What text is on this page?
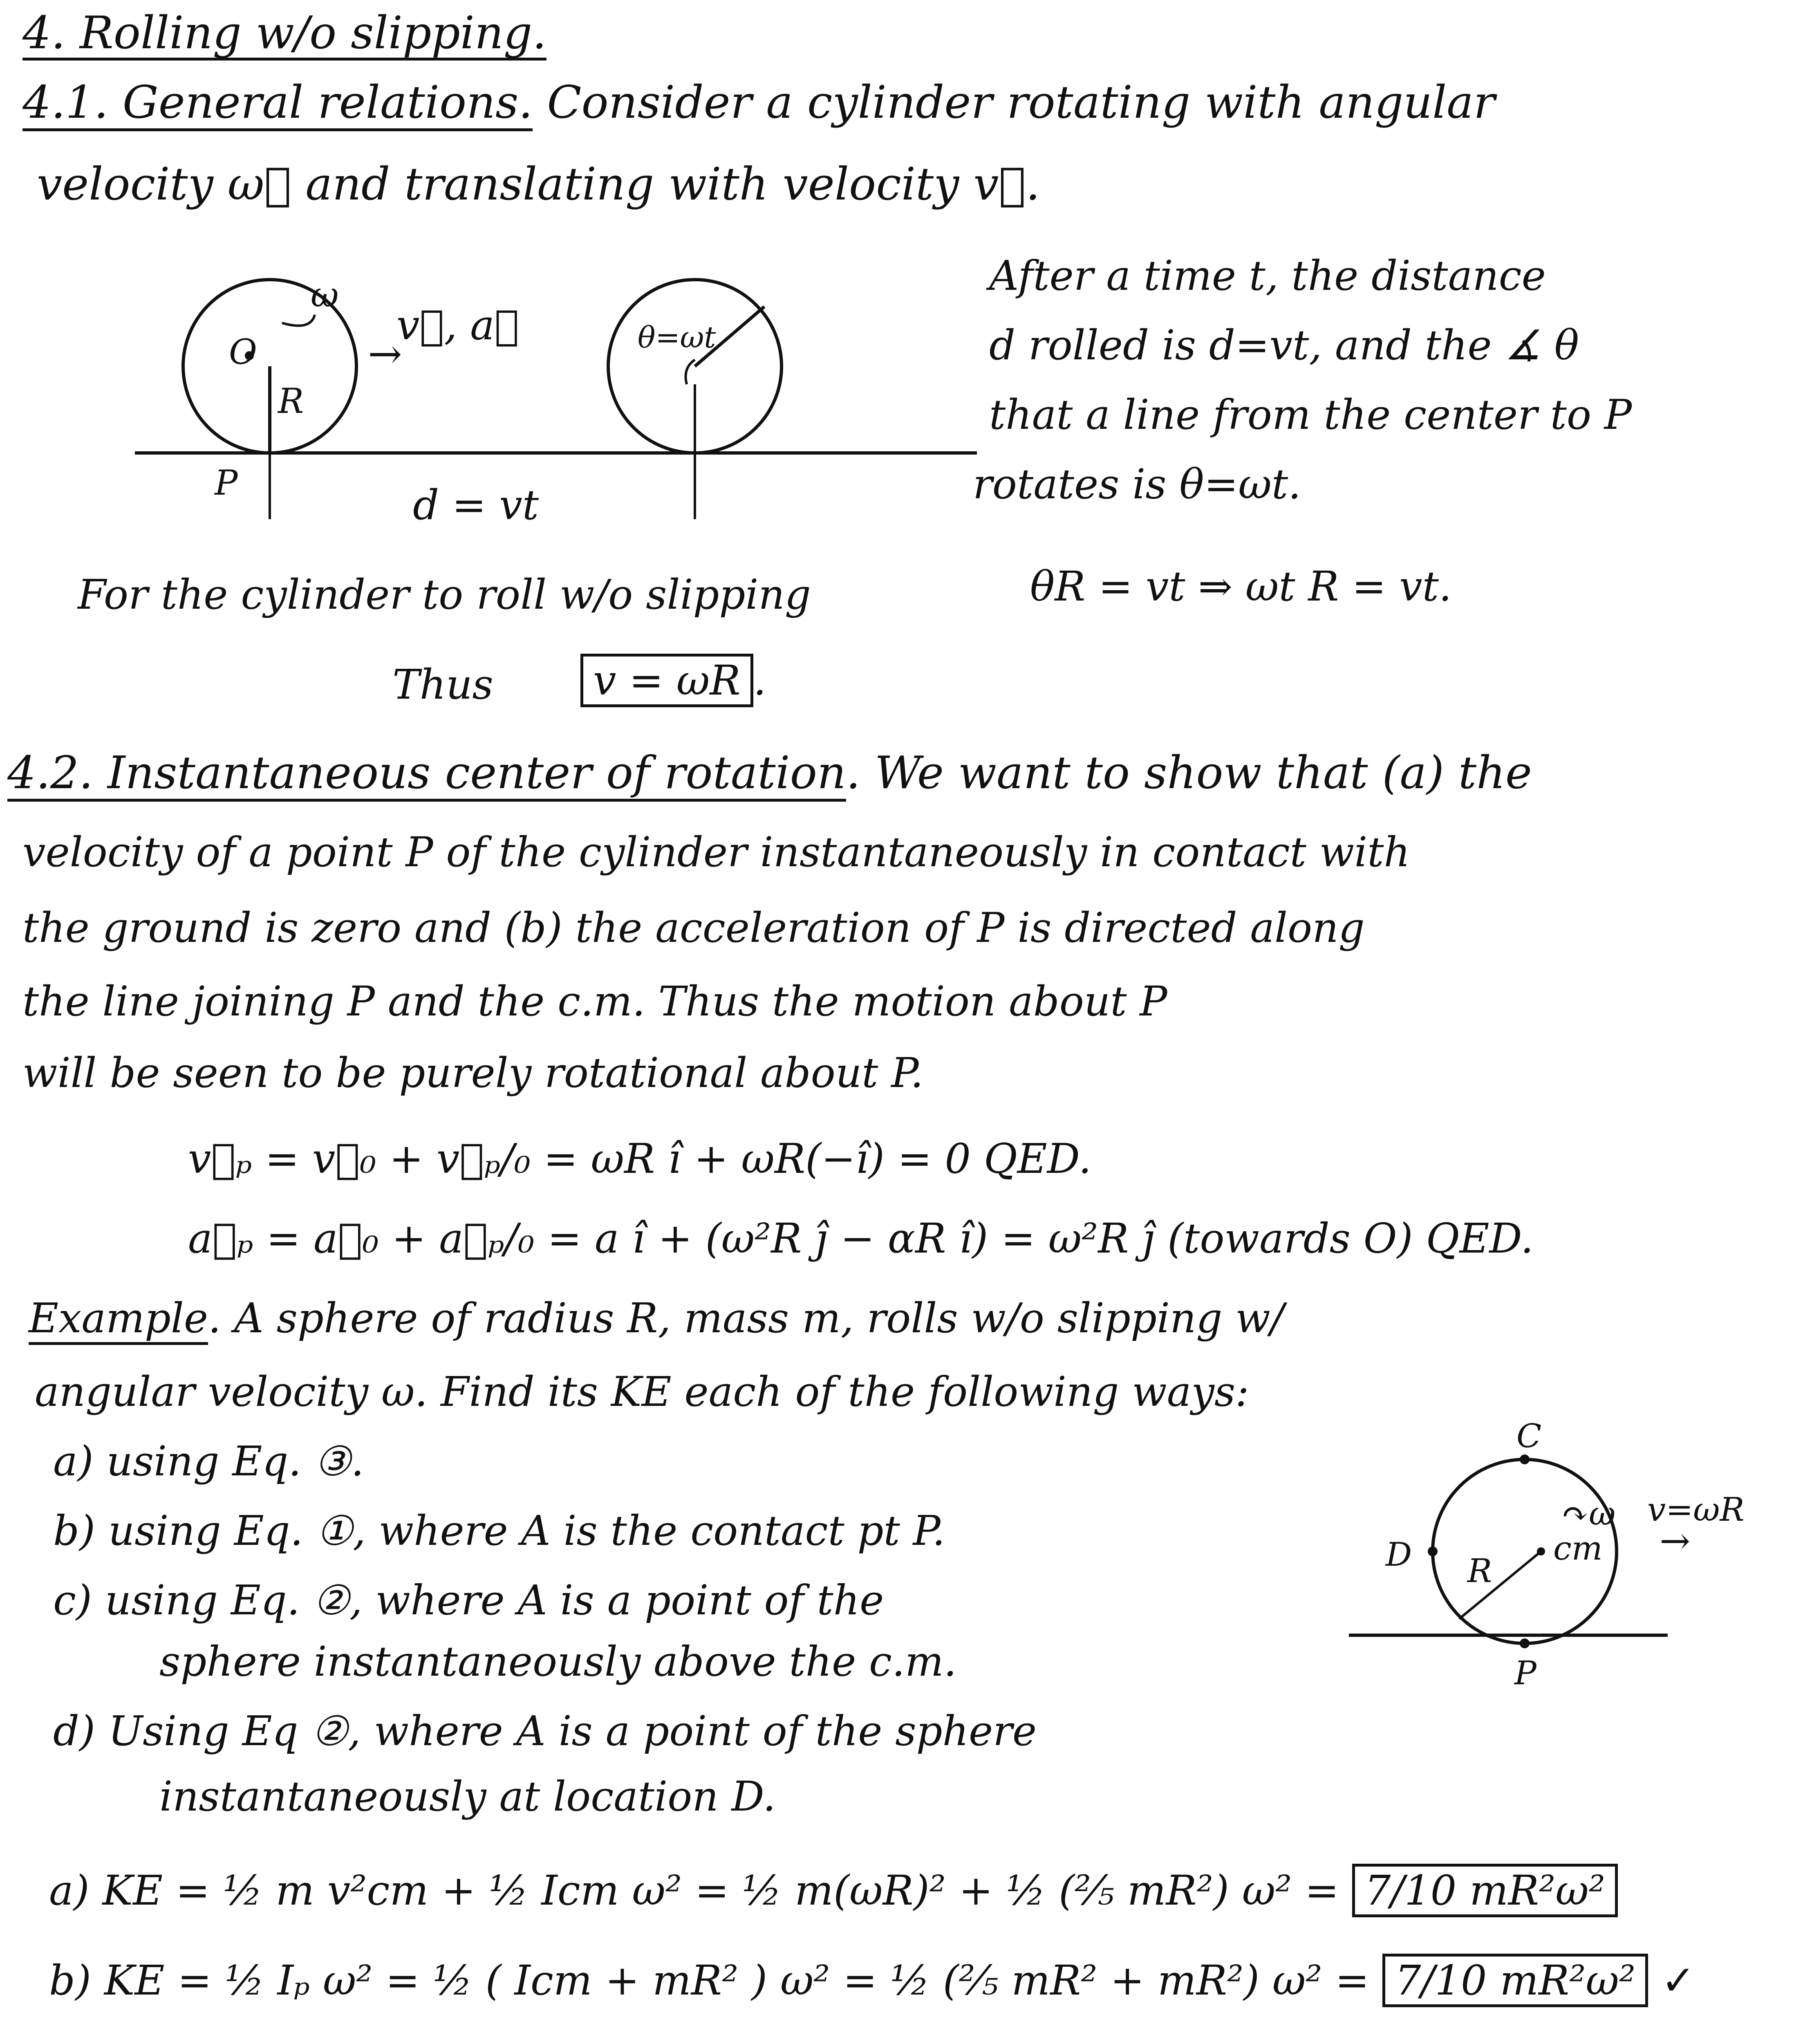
4. Rolling w/o slipping.
4.1. General relations. Consider a cylinder rotating with angular
velocity ω⃗ and translating with velocity v⃗.
O
ω
R
P
v⃗, a⃗
→	θ=ωt
d = vt
After a time t, the distance
d rolled is d=vt, and the ∡ θ
that a line from the center to P
rotates is θ=ωt.
For the cylinder to roll w/o slipping	θR = vt ⇒ ωt R = vt.
Thus	v = ωR .
4.2. Instantaneous center of rotation. We want to show that (a) the
velocity of a point P of the cylinder instantaneously in contact with
the ground is zero and (b) the acceleration of P is directed along
the line joining P and the c.m. Thus the motion about P
will be seen to be purely rotational about P.
v⃗ₚ = v⃗₀ + v⃗ₚ/₀ = ωR î + ωR(−î) = 0 QED.
a⃗ₚ = a⃗₀ + a⃗ₚ/₀ = a î + (ω²R ĵ − αR î) = ω²R ĵ (towards O) QED.
Example. A sphere of radius R, mass m, rolls w/o slipping w/
angular velocity ω. Find its KE each of the following ways:
a) using Eq. ③.
b) using Eq. ①, where A is the contact pt P.
c) using Eq. ②, where A is a point of the
sphere instantaneously above the c.m.
d) Using Eq ②, where A is a point of the sphere
instantaneously at location D.
C
D R
cm
↷ω v=ωR
→
P
a) KE = ½ m v²cm + ½ Icm ω² = ½ m(ωR)² + ½ (⅖ mR²) ω² = 7/10 mR²ω²
b) KE = ½ Iₚ ω² = ½ ( Icm + mR² ) ω² = ½ (⅖ mR² + mR²) ω² = 7/10 mR²ω² ✓
